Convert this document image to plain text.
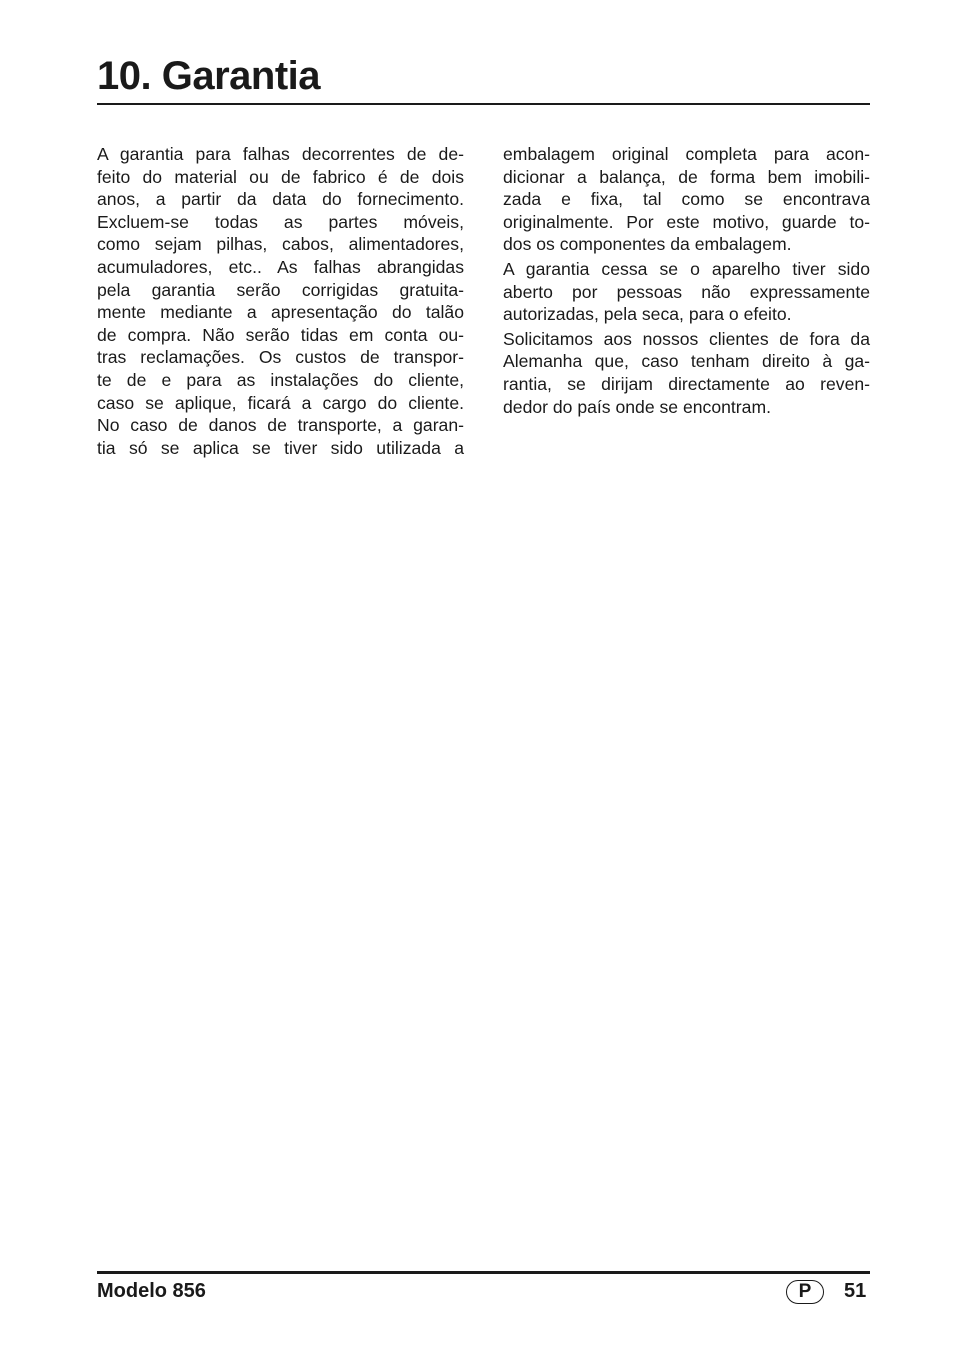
10. Garantia

A garantia para falhas decorrentes de de-
feito do material ou de fabrico é de dois
anos, a partir da data do fornecimento.
Excluem-se todas as partes móveis,
como sejam pilhas, cabos, alimentadores,
acumuladores, etc.. As falhas abrangidas
pela garantia serão corrigidas gratuita-
mente mediante a apresentação do talão
de compra. Não serão tidas em conta ou-
tras reclamações. Os custos de transpor-
te de e para as instalações do cliente,
caso se aplique, ficará a cargo do cliente.
No caso de danos de transporte, a garan-
tia só se aplica se tiver sido utilizada a

embalagem original completa para acon-
dicionar a balança, de forma bem imobili-
zada e fixa, tal como se encontrava
originalmente. Por este motivo, guarde to-
dos os componentes da embalagem.

A garantia cessa se o aparelho tiver sido
aberto por pessoas não expressamente
autorizadas, pela seca, para o efeito.

Solicitamos aos nossos clientes de fora da
Alemanha que, caso tenham direito à ga-
rantia, se dirijam directamente ao reven-
dedor do país onde se encontram.

Modelo 856	P	51
